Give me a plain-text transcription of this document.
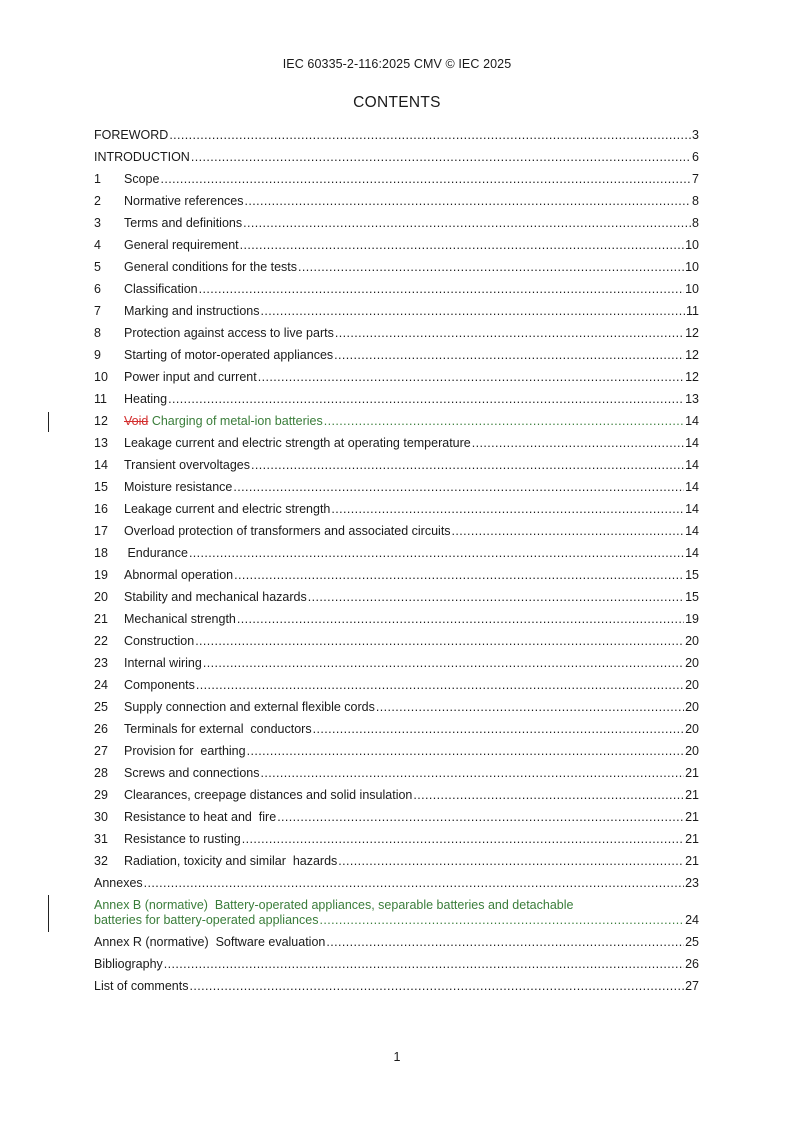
IEC 60335-2-116:2025 CMV © IEC 2025
CONTENTS
FOREWORD .....	3
INTRODUCTION .....	6
1	Scope .....	7
2	Normative references .....	8
3	Terms and definitions .....	8
4	General requirement .....	10
5	General conditions for the tests .....	10
6	Classification .....	10
7	Marking and instructions .....	11
8	Protection against access to live parts .....	12
9	Starting of motor-operated appliances .....	12
10	Power input and current .....	12
11	Heating .....	13
12	Void Charging of metal-ion batteries .....	14
13	Leakage current and electric strength at operating temperature .....	14
14	Transient overvoltages .....	14
15	Moisture resistance .....	14
16	Leakage current and electric strength .....	14
17	Overload protection of transformers and associated circuits .....	14
18	Endurance .....	14
19	Abnormal operation .....	15
20	Stability and mechanical hazards .....	15
21	Mechanical strength .....	19
22	Construction .....	20
23	Internal wiring .....	20
24	Components .....	20
25	Supply connection and external flexible cords .....	20
26	Terminals for external  conductors .....	20
27	Provision for  earthing .....	20
28	Screws and connections .....	21
29	Clearances, creepage distances and solid insulation .....	21
30	Resistance to heat and  fire .....	21
31	Resistance to rusting .....	21
32	Radiation, toxicity and similar  hazards .....	21
Annexes .....	23
Annex B (normative)  Battery-operated appliances, separable batteries and detachable
batteries for battery-operated appliances .....	24
Annex R (normative)  Software evaluation .....	25
Bibliography .....	26
List of comments .....	27
1
